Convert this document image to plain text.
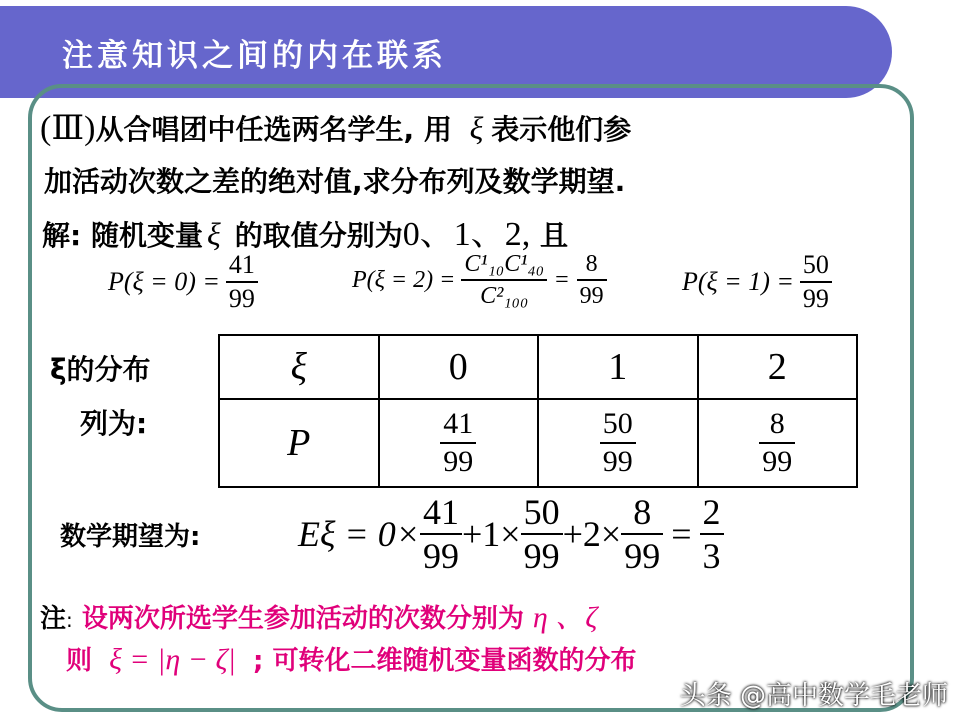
注意知识之间的内在联系
(Ⅲ)从合唱团中任选两名学生, 用 ξ 表示他们参
加活动次数之差的绝对值,求分布列及数学期望.
解: 随机变量 ξ 的取值分别为0、1、2, 且
$P(\xi = 0) = \frac{41}{99}$	$P(\xi = 2) = \frac{\text{C¹₁₀C¹₄₀}}{\text{C²₁₀₀}} = \frac{8}{99}$	$P(\xi = 1) = \frac{50}{99}$
ξ的分布
列为:
ξ	0	1	2
P	$\frac{41}{99}$	$\frac{50}{99}$	$\frac{8}{99}$
数学期望为:	$E\xi = 0\times \frac{41}{99} +1\times \frac{50}{99} +2\times \frac{8}{99} = \frac{2}{3}$
注: 设两次所选学生参加活动的次数分别为 η 、ζ
则 ξ = |η − ζ| ; 可转化二维随机变量函数的分布
头条 @高中数学毛老师
